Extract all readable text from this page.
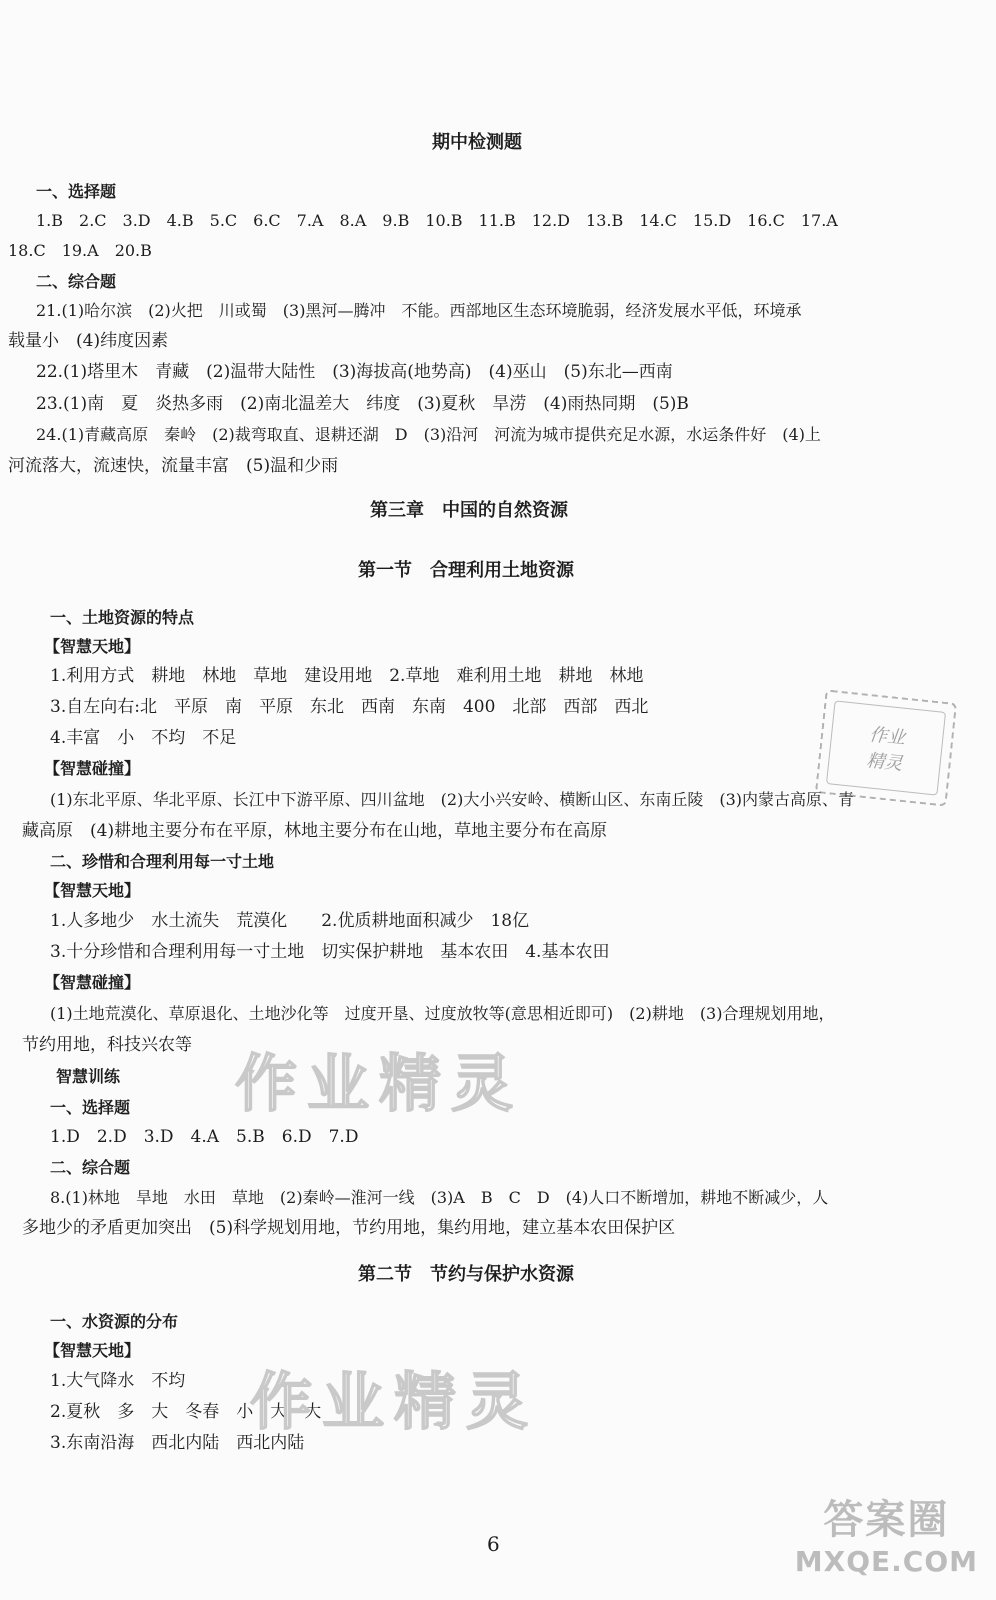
期中检测题
一、选择题
1.B　2.C　3.D　4.B　5.C　6.C　7.A　8.A　9.B　10.B　11.B　12.D　13.B　14.C　15.D　16.C　17.A
18.C　19.A　20.B
二、综合题
21.(1)哈尔滨　(2)火把　川或蜀　(3)黑河—腾冲　不能。西部地区生态环境脆弱，经济发展水平低，环境承
载量小　(4)纬度因素
22.(1)塔里木　青藏　(2)温带大陆性　(3)海拔高(地势高)　(4)巫山　(5)东北—西南
23.(1)南　夏　炎热多雨　(2)南北温差大　纬度　(3)夏秋　旱涝　(4)雨热同期　(5)B
24.(1)青藏高原　秦岭　(2)裁弯取直、退耕还湖　D　(3)沿河　河流为城市提供充足水源，水运条件好　(4)上
河流落大，流速快，流量丰富　(5)温和少雨
第三章　中国的自然资源
第一节　合理利用土地资源
一、土地资源的特点
【智慧天地】
1.利用方式　耕地　林地　草地　建设用地　2.草地　难利用土地　耕地　林地
3.自左向右:北　平原　南　平原　东北　西南　东南　400　北部　西部　西北
4.丰富　小　不均　不足
【智慧碰撞】
(1)东北平原、华北平原、长江中下游平原、四川盆地　(2)大小兴安岭、横断山区、东南丘陵　(3)内蒙古高原、青
藏高原　(4)耕地主要分布在平原，林地主要分布在山地，草地主要分布在高原
二、珍惜和合理利用每一寸土地
【智慧天地】
1.人多地少　水土流失　荒漠化　　2.优质耕地面积减少　18亿
3.十分珍惜和合理利用每一寸土地　切实保护耕地　基本农田　4.基本农田
【智慧碰撞】
(1)土地荒漠化、草原退化、土地沙化等　过度开垦、过度放牧等(意思相近即可)　(2)耕地　(3)合理规划用地，
节约用地，科技兴农等
智慧训练
一、选择题
1.D　2.D　3.D　4.A　5.B　6.D　7.D
二、综合题
8.(1)林地　旱地　水田　草地　(2)秦岭—淮河一线　(3)A　B　C　D　(4)人口不断增加，耕地不断减少，人
多地少的矛盾更加突出　(5)科学规划用地，节约用地，集约用地，建立基本农田保护区
第二节　节约与保护水资源
一、水资源的分布
【智慧天地】
1.大气降水　不均
2.夏秋　多　大　冬春　小　大　大
3.东南沿海　西北内陆　西北内陆
作业
精灵
作业精灵
作业精灵
答案圈
MXQE.COM
6
